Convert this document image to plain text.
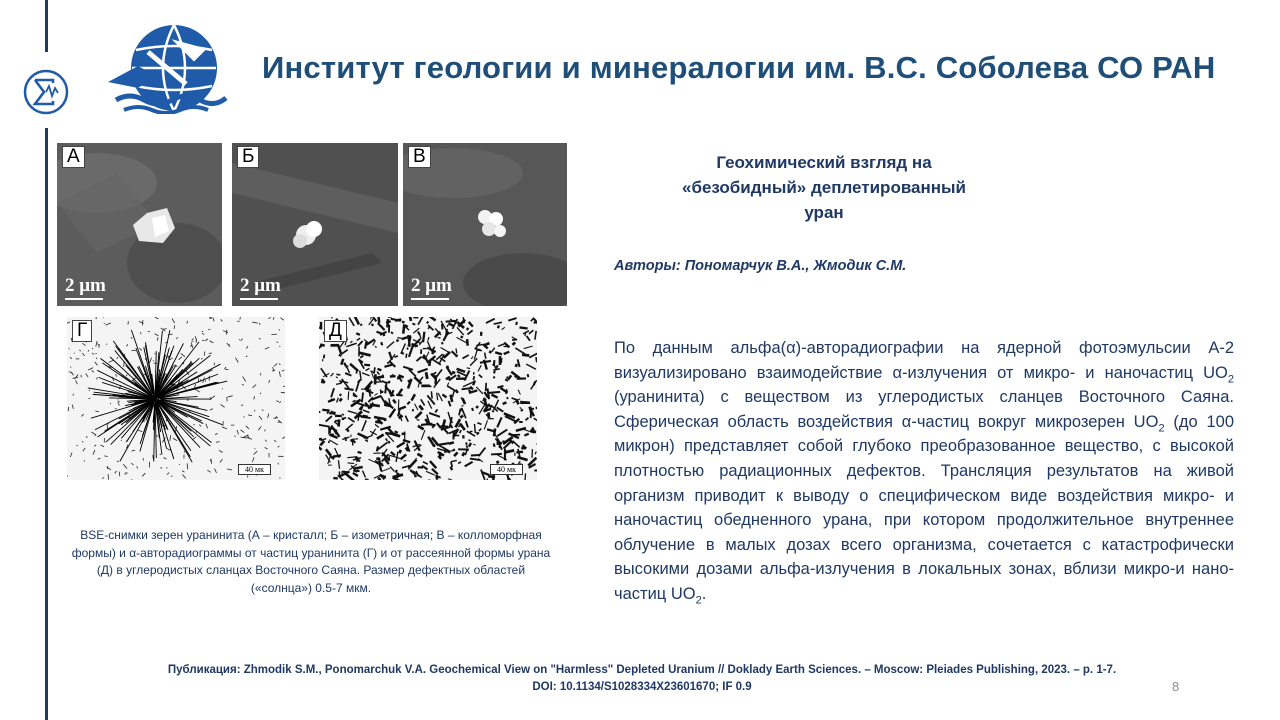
Институт геологии и минералогии им. В.С. Соболева СО РАН
А
2 μm
Б
2 μm
В
2 μm
Г
40 мк
Д
40 мк
BSE-снимки зерен уранинита (А – кристалл; Б – изометричная; В – колломорфная формы) и α-авторадиограммы от частиц уранинита (Г) и от рассеянной формы урана (Д) в углеродистых сланцах Восточного Саяна. Размер дефектных областей («солнца») 0.5-7 мкм.
Геохимический взгляд на «безобидный» деплетированный уран
Авторы: Пономарчук В.А., Жмодик С.М.
По данным альфа(α)-авторадиографии на ядерной фотоэмульсии А-2 визуализировано взаимодействие α-излучения от микро- и наночастиц $UO_2$ (уранинита) с веществом из углеродистых сланцев Восточного Саяна. Сферическая область воздействия α-частиц вокруг микрозерен $UO_2$ (до 100 микрон) представляет собой глубоко преобразованное вещество, с высокой плотностью радиационных дефектов. Трансляция результатов на живой организм приводит к выводу о специфическом виде воздействия микро- и наночастиц обедненного урана, при котором продолжительное внутреннее облучение в малых дозах всего организма, сочетается с катастрофически высокими дозами альфа-излучения в локальных зонах, вблизи микро-и нано-частиц $UO_2$.
Публикация: Zhmodik S.M., Ponomarchuk V.A. Geochemical View on "Harmless" Depleted Uranium // Doklady Earth Sciences. – Moscow: Pleiades Publishing, 2023. – p. 1-7.
DOI: 10.1134/S1028334X23601670; IF 0.9	8
